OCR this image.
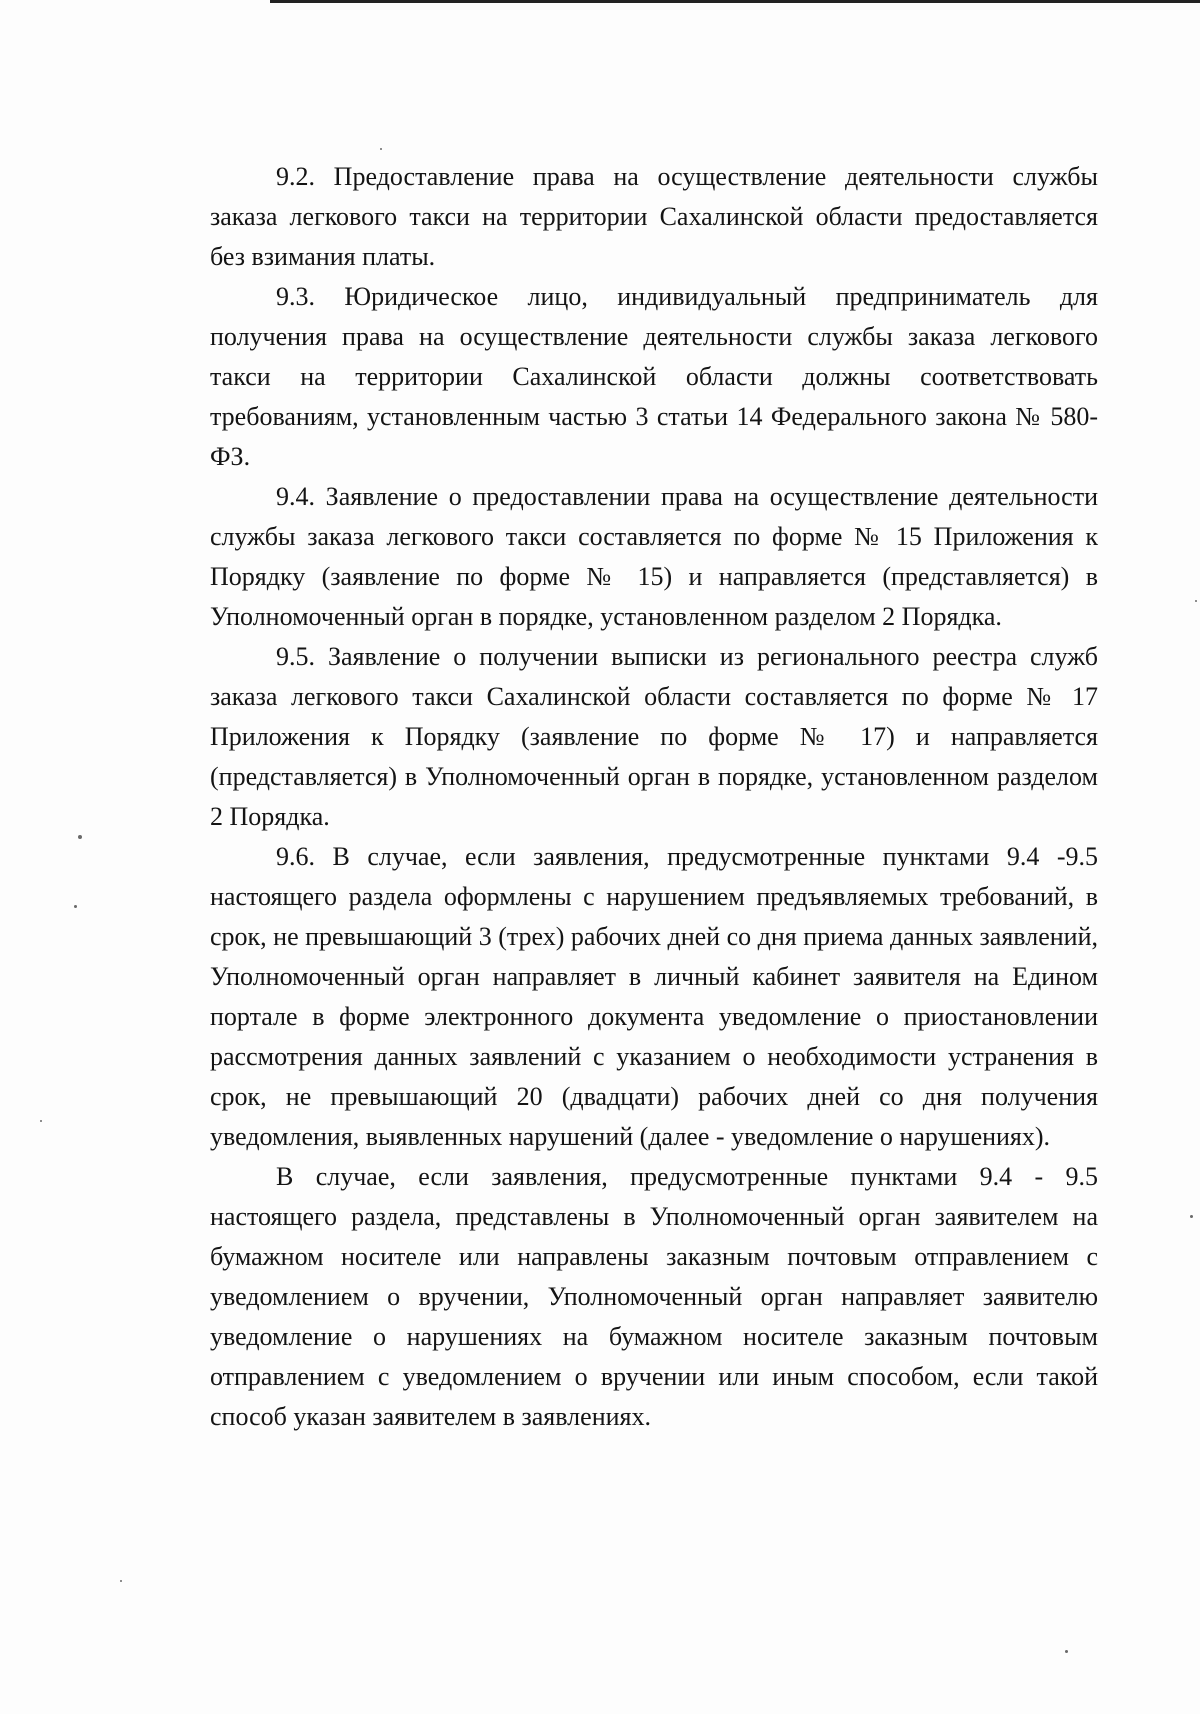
9.2. Предоставление права на осуществление деятельности службы заказа легкового такси на территории Сахалинской области предоставляется без взимания платы.

9.3. Юридическое лицо, индивидуальный предприниматель для получения права на осуществление деятельности службы заказа легкового такси на территории Сахалинской области должны соответствовать требованиям, установленным частью 3 статьи 14 Федерального закона № 580-ФЗ.

9.4. Заявление о предоставлении права на осуществление деятельности службы заказа легкового такси составляется по форме № 15 Приложения к Порядку (заявление по форме № 15) и направляется (представляется) в Уполномоченный орган в порядке, установленном разделом 2 Порядка.

9.5. Заявление о получении выписки из регионального реестра служб заказа легкового такси Сахалинской области составляется по форме № 17 Приложения к Порядку (заявление по форме № 17) и направляется (представляется) в Уполномоченный орган в порядке, установленном разделом 2 Порядка.

9.6. В случае, если заявления, предусмотренные пунктами 9.4 -9.5 настоящего раздела оформлены с нарушением предъявляемых требований, в срок, не превышающий 3 (трех) рабочих дней со дня приема данных заявлений, Уполномоченный орган направляет в личный кабинет заявителя на Едином портале в форме электронного документа уведомление о приостановлении рассмотрения данных заявлений с указанием о необходимости устранения в срок, не превышающий 20 (двадцати) рабочих дней со дня получения уведомления, выявленных нарушений (далее - уведомление о нарушениях).

В случае, если заявления, предусмотренные пунктами 9.4 - 9.5 настоящего раздела, представлены в Уполномоченный орган заявителем на бумажном носителе или направлены заказным почтовым отправлением с уведомлением о вручении, Уполномоченный орган направляет заявителю уведомление о нарушениях на бумажном носителе заказным почтовым отправлением с уведомлением о вручении или иным способом, если такой способ указан заявителем в заявлениях.
